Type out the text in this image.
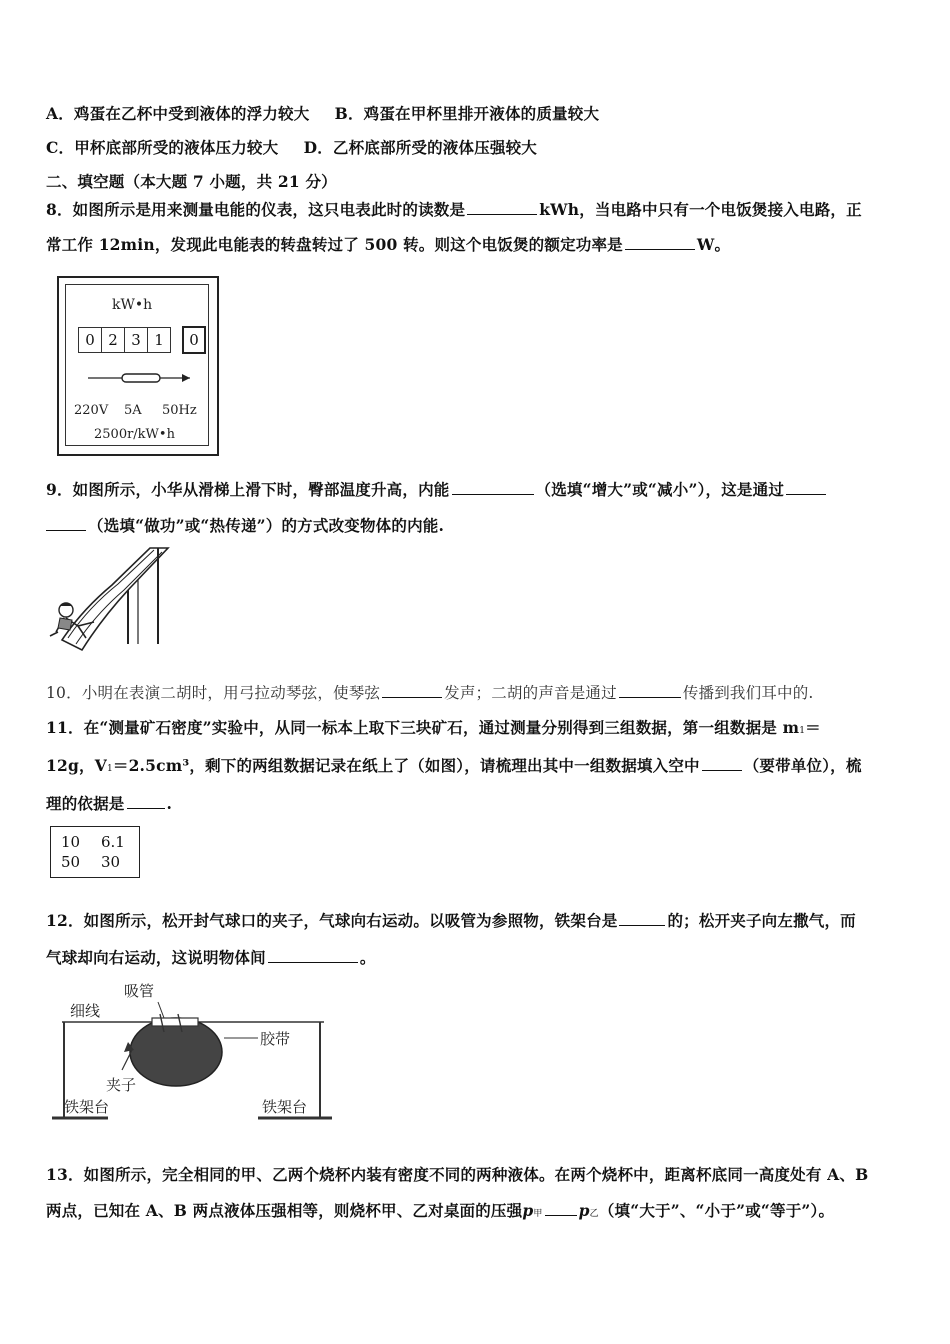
A．鸡蛋在乙杯中受到液体的浮力较大 B．鸡蛋在甲杯里排开液体的质量较大
C．甲杯底部所受的液体压力较大 D．乙杯底部所受的液体压强较大
二、填空题（本大题 7 小题，共 21 分）
8．如图所示是用来测量电能的仪表，这只电表此时的读数是	kWh，当电路中只有一个电饭煲接入电路，正
常工作 12min，发现此电能表的转盘转过了 500 转。则这个电饭煲的额定功率是	W。
kW•h
0 2 3 1	0
220V 5A 50Hz
2500r/kW•h
9．如图所示，小华从滑梯上滑下时，臀部温度升高，内能	（选填“增大”或“减小”），这是通过
（选填“做功”或“热传递”）的方式改变物体的内能.
10．小明在表演二胡时，用弓拉动琴弦，使琴弦	发声；二胡的声音是通过	传播到我们耳中的.
11．在“测量矿石密度”实验中，从同一标本上取下三块矿石，通过测量分别得到三组数据，第一组数据是 m1＝
12g，V1＝2.5cm³，剩下的两组数据记录在纸上了（如图），请梳理出其中一组数据填入空中	（要带单位），梳
理的依据是	.
10 6.1
50 30
12．如图所示，松开封气球口的夹子，气球向右运动。以吸管为参照物，铁架台是	的；松开夹子向左撒气，而
气球却向右运动，这说明物体间	。
吸管
细线
胶带
夹子
铁架台	铁架台
13．如图所示，完全相同的甲、乙两个烧杯内装有密度不同的两种液体。在两个烧杯中，距离杯底同一高度处有 A、B
两点，已知在 A、B 两点液体压强相等，则烧杯甲、乙对桌面的压强p甲 p乙（填“大于”、“小于”或“等于”）。
